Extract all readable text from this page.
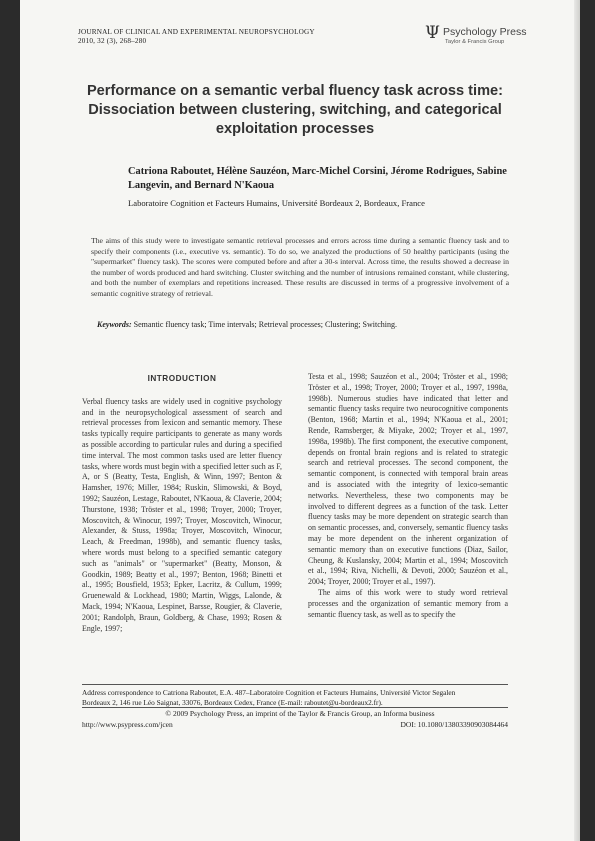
JOURNAL OF CLINICAL AND EXPERIMENTAL NEUROPSYCHOLOGY
2010, 32 (3), 268–280	Ψ Psychology Press
Taylor & Francis Group
Performance on a semantic verbal fluency task across time: Dissociation between clustering, switching, and categorical exploitation processes
Catriona Raboutet, Hélène Sauzéon, Marc-Michel Corsini, Jérome Rodrigues, Sabine Langevin, and Bernard N'Kaoua
Laboratoire Cognition et Facteurs Humains, Université Bordeaux 2, Bordeaux, France
The aims of this study were to investigate semantic retrieval processes and errors across time during a semantic fluency task and to specify their components (i.e., executive vs. semantic). To do so, we analyzed the productions of 50 healthy participants (using the "supermarket" fluency task). The scores were computed before and after a 30-s interval. Across time, the results showed a decrease in the number of words produced and hard switching. Cluster switching and the number of intrusions remained constant, while clustering, and both the number of exemplars and repetitions increased. These results are discussed in terms of a progressive involvement of a semantic cognitive strategy of retrieval.
Keywords: Semantic fluency task; Time intervals; Retrieval processes; Clustering; Switching.
INTRODUCTION

Verbal fluency tasks are widely used in cognitive psychology and in the neuropsychological assessment of search and retrieval processes from lexicon and semantic memory. These tasks typically require participants to generate as many words as possible according to particular rules and during a specified time interval. The most common tasks used are letter fluency tasks, where words must begin with a specified letter such as F, A, or S (Beatty, Testa, English, & Winn, 1997; Benton & Hamsher, 1976; Miller, 1984; Ruskin, Slimowski, & Boyd, 1992; Sauzéon, Lestage, Raboutet, N'Kaoua, & Claverie, 2004; Thurstone, 1938; Tröster et al., 1998; Troyer, 2000; Troyer, Moscovitch, & Winocur, 1997; Troyer, Moscovitch, Winocur, Alexander, & Stuss, 1998a; Troyer, Moscovitch, Winocur, Leach, & Freedman, 1998b), and semantic fluency tasks, where words must belong to a specified semantic category such as "animals" or "supermarket" (Beatty, Monson, & Goodkin, 1989; Beatty et al., 1997; Benton, 1968; Binetti et al., 1995; Bousfield, 1953; Epker, Lacritz, & Cullum, 1999; Gruenewald & Lockhead, 1980; Martin, Wiggs, Lalonde, & Mack, 1994; N'Kaoua, Lespinet, Barsse, Rougier, & Claverie, 2001; Randolph, Braun, Goldberg, & Chase, 1993; Rosen & Engle, 1997;

Testa et al., 1998; Sauzéon et al., 2004; Tröster et al., 1998; Tröster et al., 1998; Troyer, 2000; Troyer et al., 1997, 1998a, 1998b). Numerous studies have indicated that letter and semantic fluency tasks require two neurocognitive components (Benton, 1968; Martin et al., 1994; N'Kaoua et al., 2001; Rende, Ramsberger, & Miyake, 2002; Troyer et al., 1997, 1998a, 1998b). The first component, the executive component, depends on frontal brain regions and is related to strategic search and retrieval processes. The second component, the semantic component, is connected with temporal brain areas and is associated with the integrity of lexico-semantic networks. Nevertheless, these two components may be involved to different degrees as a function of the task. Letter fluency tasks may be more dependent on strategic search than on semantic processes, and, conversely, semantic fluency tasks may be more dependent on the inherent organization of semantic memory than on executive functions (Diaz, Sailor, Cheung, & Kuslansky, 2004; Martin et al., 1994; Moscovitch et al., 1994; Riva, Nichelli, & Devoti, 2000; Sauzéon et al., 2004; Troyer, 2000; Troyer et al., 1997).

The aims of this work were to study word retrieval processes and the organization of semantic memory from a semantic fluency task, as well as to specify the

Address correspondence to Catriona Raboutet, E.A. 487–Laboratoire Cognition et Facteurs Humains, Université Victor Segalen
Bordeaux 2, 146 rue Léo Saignat, 33076, Bordeaux Cedex, France (E-mail: raboutet@u-bordeaux2.fr).
© 2009 Psychology Press, an imprint of the Taylor & Francis Group, an Informa business
http://www.psypress.com/jcen	DOI: 10.1080/13803390903084464
